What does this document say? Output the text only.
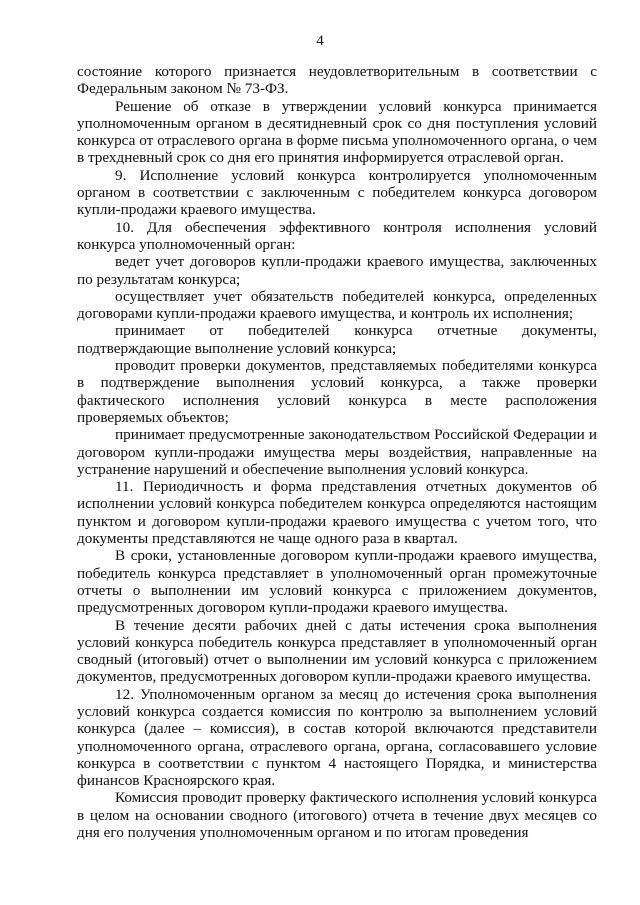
4

состояние которого признается неудовлетворительным в соответствии с Федеральным законом № 73-ФЗ.

Решение об отказе в утверждении условий конкурса принимается уполномоченным органом в десятидневный срок со дня поступления условий конкурса от отраслевого органа в форме письма уполномоченного органа, о чем в трехдневный срок со дня его принятия информируется отраслевой орган.

9. Исполнение условий конкурса контролируется уполномоченным органом в соответствии с заключенным с победителем конкурса договором купли-продажи краевого имущества.

10. Для обеспечения эффективного контроля исполнения условий конкурса уполномоченный орган:

ведет учет договоров купли-продажи краевого имущества, заключенных по результатам конкурса;

осуществляет учет обязательств победителей конкурса, определенных договорами купли-продажи краевого имущества, и контроль их исполнения;

принимает от победителей конкурса отчетные документы, подтверждающие выполнение условий конкурса;

проводит проверки документов, представляемых победителями конкурса в подтверждение выполнения условий конкурса, а также проверки фактического исполнения условий конкурса в месте расположения проверяемых объектов;

принимает предусмотренные законодательством Российской Федерации и договором купли-продажи имущества меры воздействия, направленные на устранение нарушений и обеспечение выполнения условий конкурса.

11. Периодичность и форма представления отчетных документов об исполнении условий конкурса победителем конкурса определяются настоящим пунктом и договором купли-продажи краевого имущества с учетом того, что документы представляются не чаще одного раза в квартал.

В сроки, установленные договором купли-продажи краевого имущества, победитель конкурса представляет в уполномоченный орган промежуточные отчеты о выполнении им условий конкурса с приложением документов, предусмотренных договором купли-продажи краевого имущества.

В течение десяти рабочих дней с даты истечения срока выполнения условий конкурса победитель конкурса представляет в уполномоченный орган сводный (итоговый) отчет о выполнении им условий конкурса с приложением документов, предусмотренных договором купли-продажи краевого имущества.

12. Уполномоченным органом за месяц до истечения срока выполнения условий конкурса создается комиссия по контролю за выполнением условий конкурса (далее – комиссия), в состав которой включаются представители уполномоченного органа, отраслевого органа, органа, согласовавшего условие конкурса в соответствии с пунктом 4 настоящего Порядка, и министерства финансов Красноярского края.

Комиссия проводит проверку фактического исполнения условий конкурса в целом на основании сводного (итогового) отчета в течение двух месяцев со дня его получения уполномоченным органом и по итогам проведения
